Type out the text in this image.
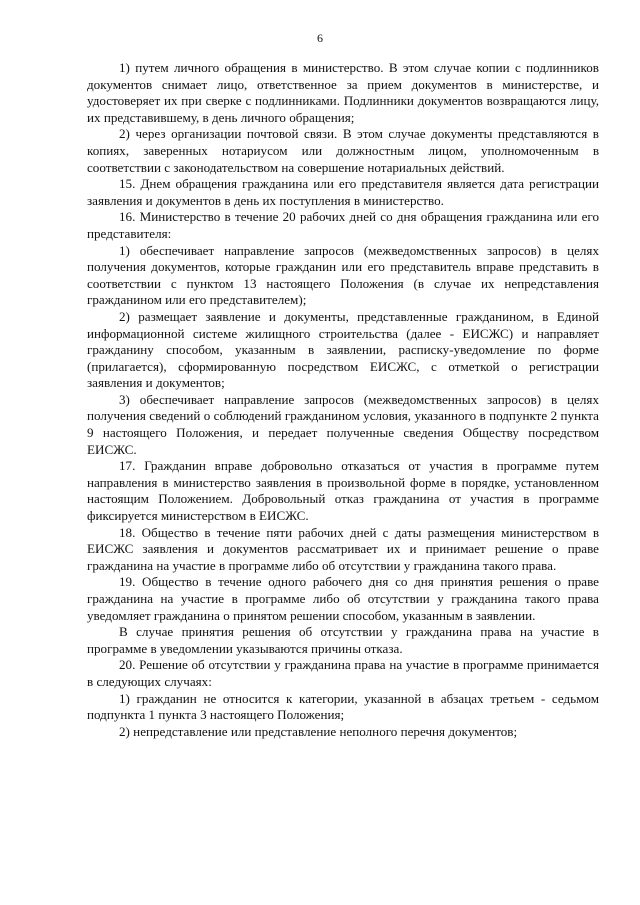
6

1) путем личного обращения в министерство. В этом случае копии с подлинников документов снимает лицо, ответственное за прием документов в министерстве, и удостоверяет их при сверке с подлинниками. Подлинники документов возвращаются лицу, их представившему, в день личного обращения;

2) через организации почтовой связи. В этом случае документы представляются в копиях, заверенных нотариусом или должностным лицом, уполномоченным в соответствии с законодательством на совершение нотариальных действий.

15. Днем обращения гражданина или его представителя является дата регистрации заявления и документов в день их поступления в министерство.

16. Министерство в течение 20 рабочих дней со дня обращения гражданина или его представителя:

1) обеспечивает направление запросов (межведомственных запросов) в целях получения документов, которые гражданин или его представитель вправе представить в соответствии с пунктом 13 настоящего Положения (в случае их непредставления гражданином или его представителем);

2) размещает заявление и документы, представленные гражданином, в Единой информационной системе жилищного строительства (далее - ЕИСЖС) и направляет гражданину способом, указанным в заявлении, расписку-уведомление по форме (прилагается), сформированную посредством ЕИСЖС, с отметкой о регистрации заявления и документов;

3) обеспечивает направление запросов (межведомственных запросов) в целях получения сведений о соблюдений гражданином условия, указанного в подпункте 2 пункта 9 настоящего Положения, и передает полученные сведения Обществу посредством ЕИСЖС.

17. Гражданин вправе добровольно отказаться от участия в программе путем направления в министерство заявления в произвольной форме в порядке, установленном настоящим Положением. Добровольный отказ гражданина от участия в программе фиксируется министерством в ЕИСЖС.

18. Общество в течение пяти рабочих дней с даты размещения министерством в ЕИСЖС заявления и документов рассматривает их и принимает решение о праве гражданина на участие в программе либо об отсутствии у гражданина такого права.

19. Общество в течение одного рабочего дня со дня принятия решения о праве гражданина на участие в программе либо об отсутствии у гражданина такого права уведомляет гражданина о принятом решении способом, указанным в заявлении.

В случае принятия решения об отсутствии у гражданина права на участие в программе в уведомлении указываются причины отказа.

20. Решение об отсутствии у гражданина права на участие в программе принимается в следующих случаях:

1) гражданин не относится к категории, указанной в абзацах третьем - седьмом подпункта 1 пункта 3 настоящего Положения;

2) непредставление или представление неполного перечня документов;
